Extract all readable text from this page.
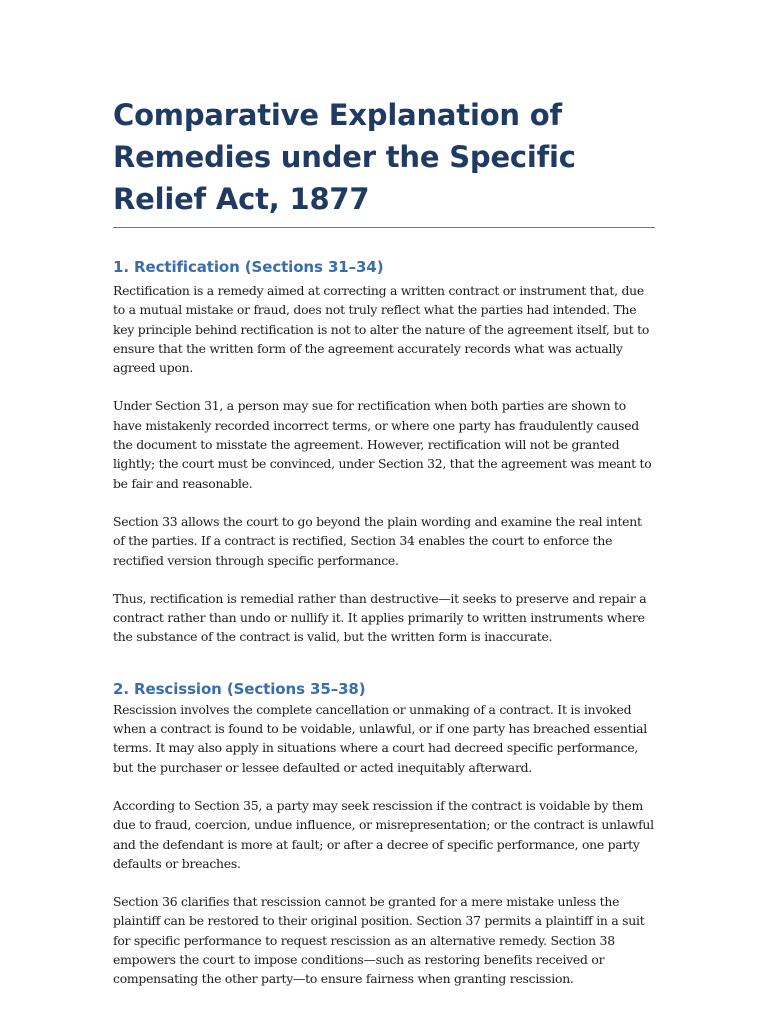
Comparative Explanation of Remedies under the Specific Relief Act, 1877
1. Rectification (Sections 31–34)

Rectification is a remedy aimed at correcting a written contract or instrument that, due to a mutual mistake or fraud, does not truly reflect what the parties had intended. The key principle behind rectification is not to alter the nature of the agreement itself, but to ensure that the written form of the agreement accurately records what was actually agreed upon.

Under Section 31, a person may sue for rectification when both parties are shown to have mistakenly recorded incorrect terms, or where one party has fraudulently caused the document to misstate the agreement. However, rectification will not be granted lightly; the court must be convinced, under Section 32, that the agreement was meant to be fair and reasonable.

Section 33 allows the court to go beyond the plain wording and examine the real intent of the parties. If a contract is rectified, Section 34 enables the court to enforce the rectified version through specific performance.

Thus, rectification is remedial rather than destructive—it seeks to preserve and repair a contract rather than undo or nullify it. It applies primarily to written instruments where the substance of the contract is valid, but the written form is inaccurate.

2. Rescission (Sections 35–38)

Rescission involves the complete cancellation or unmaking of a contract. It is invoked when a contract is found to be voidable, unlawful, or if one party has breached essential terms. It may also apply in situations where a court had decreed specific performance, but the purchaser or lessee defaulted or acted inequitably afterward.

According to Section 35, a party may seek rescission if the contract is voidable by them due to fraud, coercion, undue influence, or misrepresentation; or the contract is unlawful and the defendant is more at fault; or after a decree of specific performance, one party defaults or breaches.

Section 36 clarifies that rescission cannot be granted for a mere mistake unless the plaintiff can be restored to their original position. Section 37 permits a plaintiff in a suit for specific performance to request rescission as an alternative remedy. Section 38 empowers the court to impose conditions—such as restoring benefits received or compensating the other party—to ensure fairness when granting rescission.
